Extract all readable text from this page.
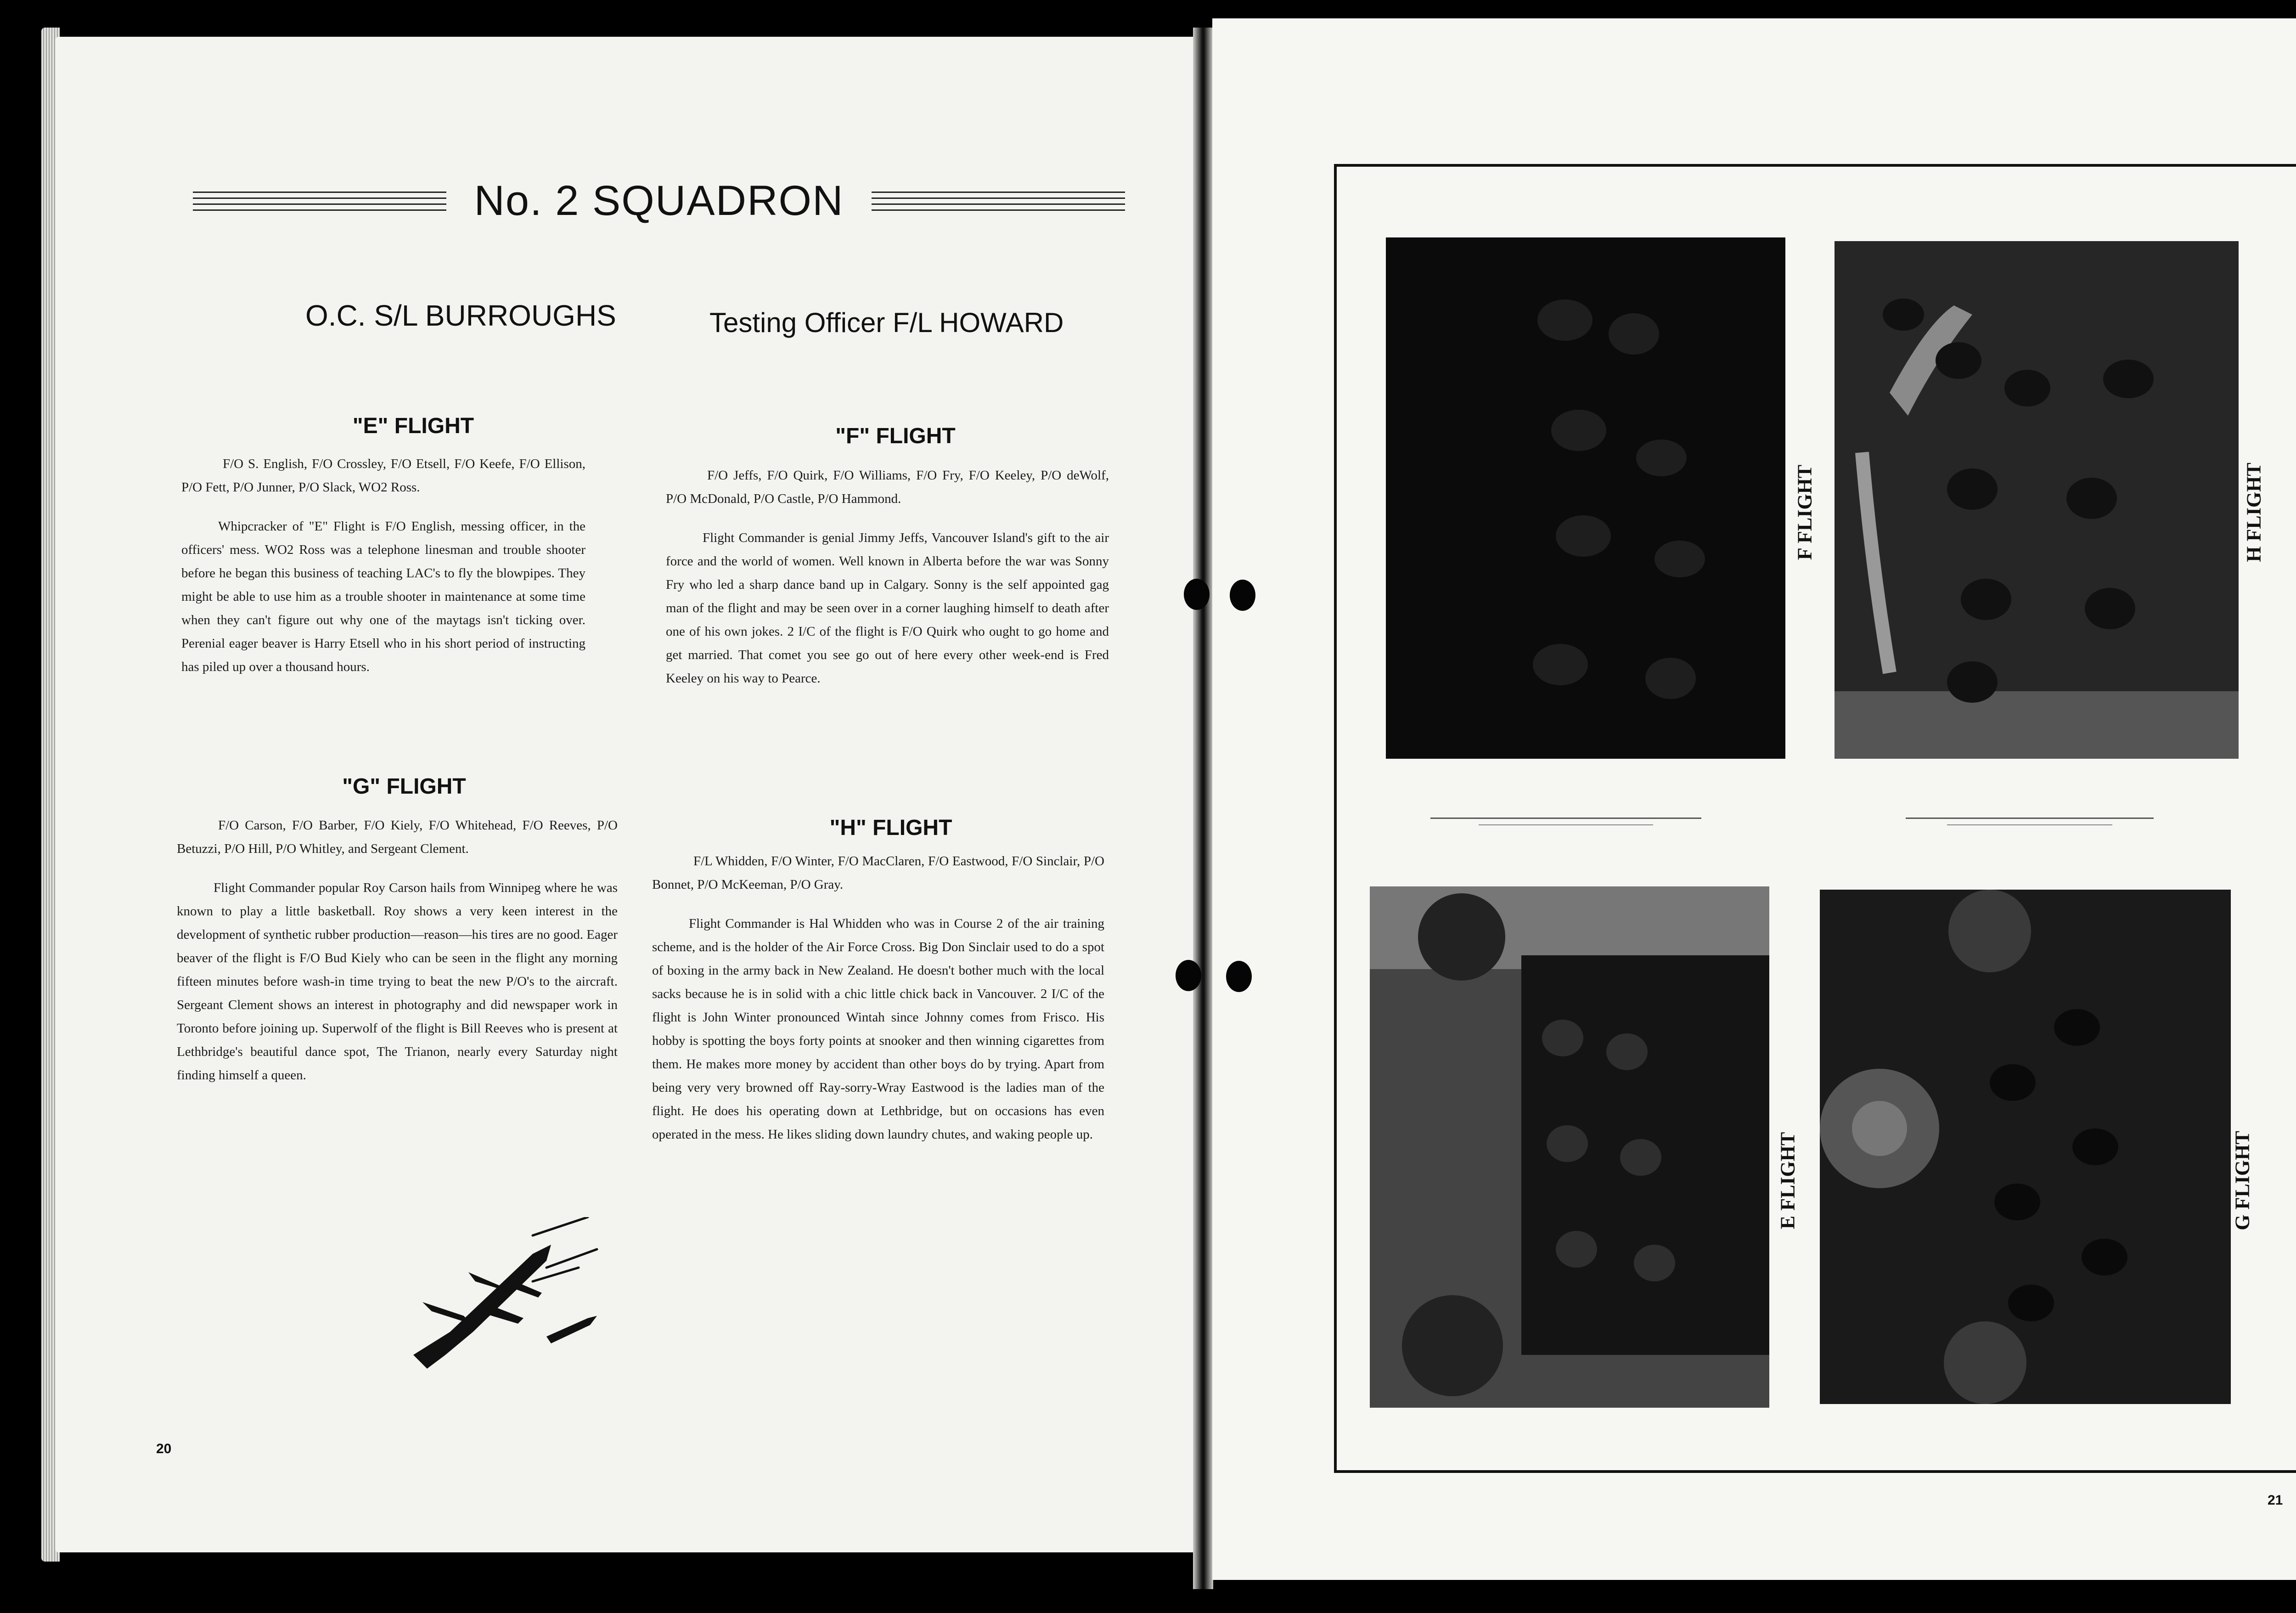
No. 2 SQUADRON
O.C. S/L BURROUGHS	Testing Officer F/L HOWARD
"E" FLIGHT

F/O S. English, F/O Crossley, F/O Etsell, F/O Keefe, F/O Ellison, P/O Fett, P/O Junner, P/O Slack, WO2 Ross.

Whipcracker of "E" Flight is F/O English, messing officer, in the officers' mess. WO2 Ross was a telephone linesman and trouble shooter before he began this business of teaching LAC's to fly the blowpipes. They might be able to use him as a trouble shooter in maintenance at some time when they can't figure out why one of the maytags isn't ticking over. Perenial eager beaver is Harry Etsell who in his short period of instructing has piled up over a thousand hours.

"G" FLIGHT

F/O Carson, F/O Barber, F/O Kiely, F/O Whitehead, F/O Reeves, P/O Betuzzi, P/O Hill, P/O Whitley, and Sergeant Clement.

Flight Commander popular Roy Carson hails from Winnipeg where he was known to play a little basketball. Roy shows a very keen interest in the development of synthetic rubber production—reason—his tires are no good. Eager beaver of the flight is F/O Bud Kiely who can be seen in the flight any morning fifteen minutes before wash-in time trying to beat the new P/O's to the aircraft. Sergeant Clement shows an interest in photography and did newspaper work in Toronto before joining up. Superwolf of the flight is Bill Reeves who is present at Lethbridge's beautiful dance spot, The Trianon, nearly every Saturday night finding himself a queen.

"F" FLIGHT

F/O Jeffs, F/O Quirk, F/O Williams, F/O Fry, F/O Keeley, P/O deWolf, P/O McDonald, P/O Castle, P/O Hammond.

Flight Commander is genial Jimmy Jeffs, Vancouver Island's gift to the air force and the world of women. Well known in Alberta before the war was Sonny Fry who led a sharp dance band up in Calgary. Sonny is the self appointed gag man of the flight and may be seen over in a corner laughing himself to death after one of his own jokes. 2 I/C of the flight is F/O Quirk who ought to go home and get married. That comet you see go out of here every other week-end is Fred Keeley on his way to Pearce.

"H" FLIGHT

F/L Whidden, F/O Winter, F/O MacClaren, F/O Eastwood, F/O Sinclair, P/O Bonnet, P/O McKeeman, P/O Gray.

Flight Commander is Hal Whidden who was in Course 2 of the air training scheme, and is the holder of the Air Force Cross. Big Don Sinclair used to do a spot of boxing in the army back in New Zealand. He doesn't bother much with the local sacks because he is in solid with a chic little chick back in Vancouver. 2 I/C of the flight is John Winter pronounced Wintah since Johnny comes from Frisco. His hobby is spotting the boys forty points at snooker and then winning cigarettes from them. He makes more money by accident than other boys do by trying. Apart from being very very browned off Ray-sorry-Wray Eastwood is the ladies man of the flight. He does his operating down at Lethbridge, but on occasions has even operated in the mess. He likes sliding down laundry chutes, and waking people up.

20
F FLIGHT	H FLIGHT
E FLIGHT	G FLIGHT
21
